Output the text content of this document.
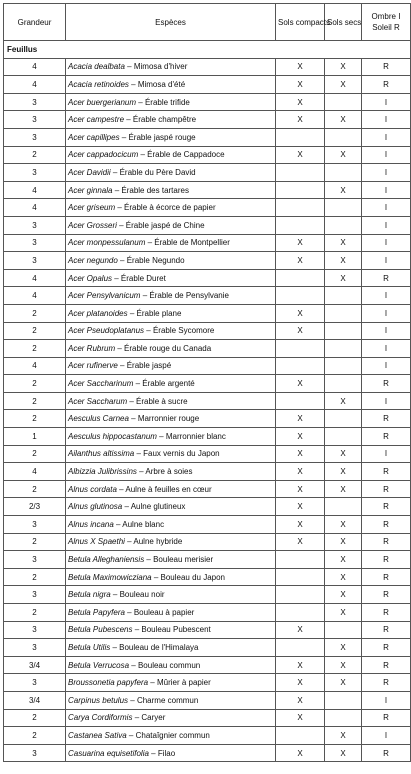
Grandeur	Espèces	Sols compacts	Sols secs	Ombre I
Soleil R

Feuillus				
4	Acacia dealbata – Mimosa d'hiver	X	X	R
4	Acacia retinoides – Mimosa d'été	X	X	R
3	Acer buergerianum – Érable trifide	X		I
3	Acer campestre – Érable champêtre	X	X	I
3	Acer capillipes – Érable jaspé rouge			I
2	Acer cappadocicum – Érable de Cappadoce	X	X	I
3	Acer Davidii – Érable du Père David			I
4	Acer ginnala – Érable des tartares		X	I
4	Acer griseum – Érable à écorce de papier			I
3	Acer Grosseri – Érable jaspé de Chine			I
3	Acer monpessulanum – Érable de Montpellier	X	X	I
3	Acer negundo – Érable Negundo	X	X	I
4	Acer Opalus – Érable Duret		X	R
4	Acer Pensylvanicum – Érable de Pensylvanie			I
2	Acer platanoides – Érable plane	X		I
2	Acer Pseudoplatanus – Érable Sycomore	X		I
2	Acer Rubrum – Érable rouge du Canada			I
4	Acer rufinerve – Érable jaspé			I
2	Acer Saccharinum – Érable argenté	X		R
2	Acer Saccharum – Érable à sucre		X	I
2	Aesculus Carnea – Marronnier rouge	X		R
1	Aesculus hippocastanum – Marronnier blanc	X		R
2	Ailanthus altissima – Faux vernis du Japon	X	X	I
4	Albizzia Julibrissins – Arbre à soies	X	X	R
2	Alnus cordata – Aulne à feuilles en cœur	X	X	R
2/3	Alnus glutinosa – Aulne glutineux	X		R
3	Alnus incana – Aulne blanc	X	X	R
2	Alnus X Spaethi – Aulne hybride	X	X	R
3	Betula Alleghaniensis – Bouleau merisier		X	R
2	Betula Maximowicziana – Bouleau du Japon		X	R
3	Betula nigra – Bouleau noir		X	R
2	Betula Papyfera – Bouleau à papier		X	R
3	Betula Pubescens – Bouleau Pubescent	X		R
3	Betula Utilis – Bouleau de l'Himalaya		X	R
3/4	Betula Verrucosa – Bouleau commun	X	X	R
3	Broussonetia papyfera – Mûrier à papier	X	X	R
3/4	Carpinus betulus – Charme commun	X		I
2	Carya Cordiformis – Caryer	X		R
2	Castanea Sativa – Chataîgnier commun		X	I
3	Casuarina equisetifolia – Filao	X	X	R
